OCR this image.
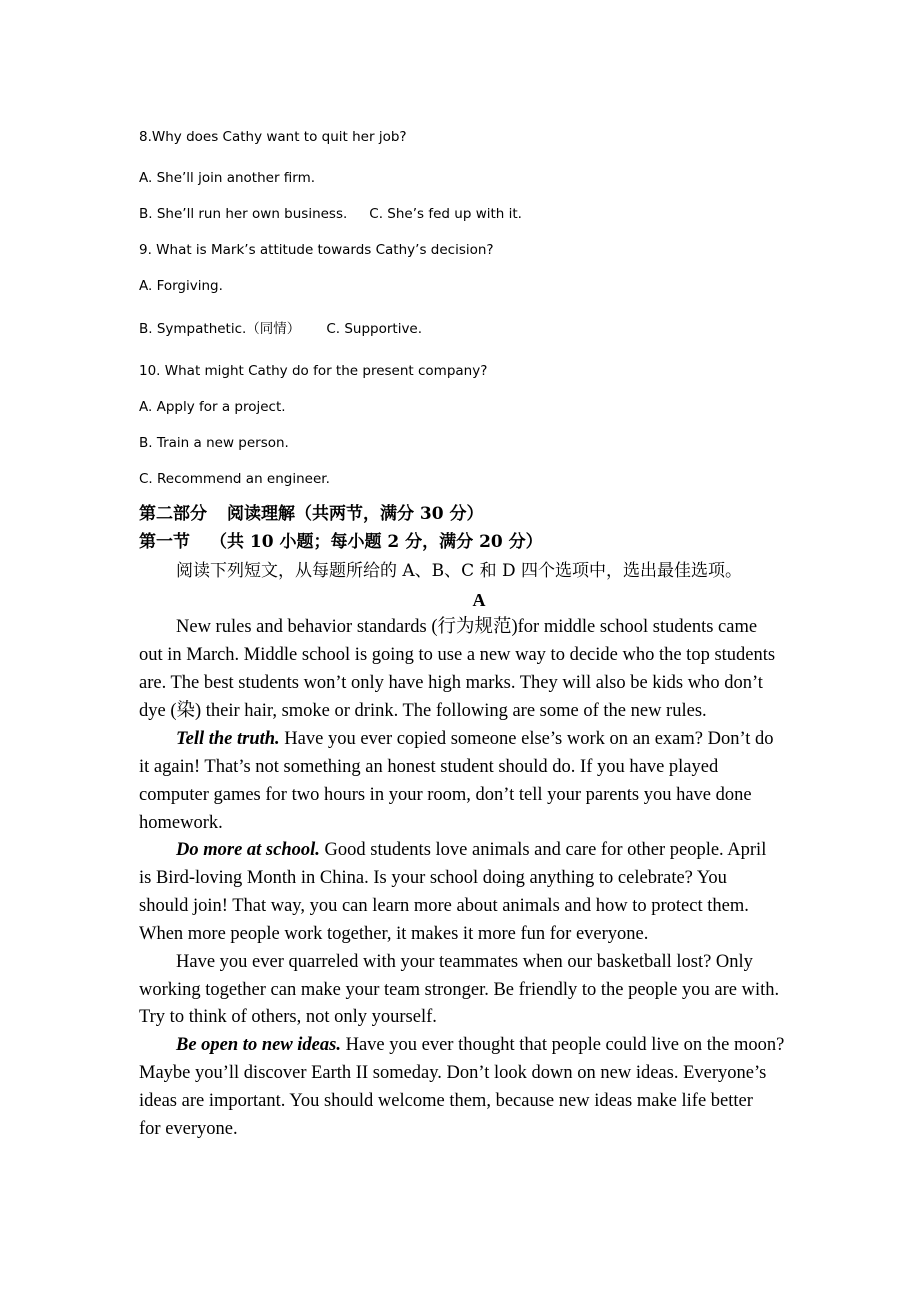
8.Why does Cathy want to quit her job?
A. She’ll join another firm.
B. She’ll run her own business. C. She’s fed up with it.
9. What is Mark’s attitude towards Cathy’s decision?
A. Forgiving.
B. Sympathetic.（同情） C. Supportive.
10. What might Cathy do for the present company?
A. Apply for a project.
B. Train a new person.
C. Recommend an engineer.
第二部分 阅读理解（共两节，满分 30 分）
第一节 （共 10 小题；每小题 2 分，满分 20 分）
阅读下列短文，从每题所给的 A、B、C 和 D 四个选项中，选出最佳选项。
A
New rules and behavior standards (行为规范)for middle school students came
out in March. Middle school is going to use a new way to decide who the top students
are. The best students won’t only have high marks. They will also be kids who don’t
dye (染) their hair, smoke or drink. The following are some of the new rules.
Tell the truth. Have you ever copied someone else’s work on an exam? Don’t do
it again! That’s not something an honest student should do. If you have played
computer games for two hours in your room, don’t tell your parents you have done
homework.
Do more at school. Good students love animals and care for other people. April
is Bird-loving Month in China. Is your school doing anything to celebrate? You
should join! That way, you can learn more about animals and how to protect them.
When more people work together, it makes it more fun for everyone.
Have you ever quarreled with your teammates when our basketball lost? Only
working together can make your team stronger. Be friendly to the people you are with.
Try to think of others, not only yourself.
Be open to new ideas. Have you ever thought that people could live on the moon?
Maybe you’ll discover Earth II someday. Don’t look down on new ideas. Everyone’s
ideas are important. You should welcome them, because new ideas make life better
for everyone.
